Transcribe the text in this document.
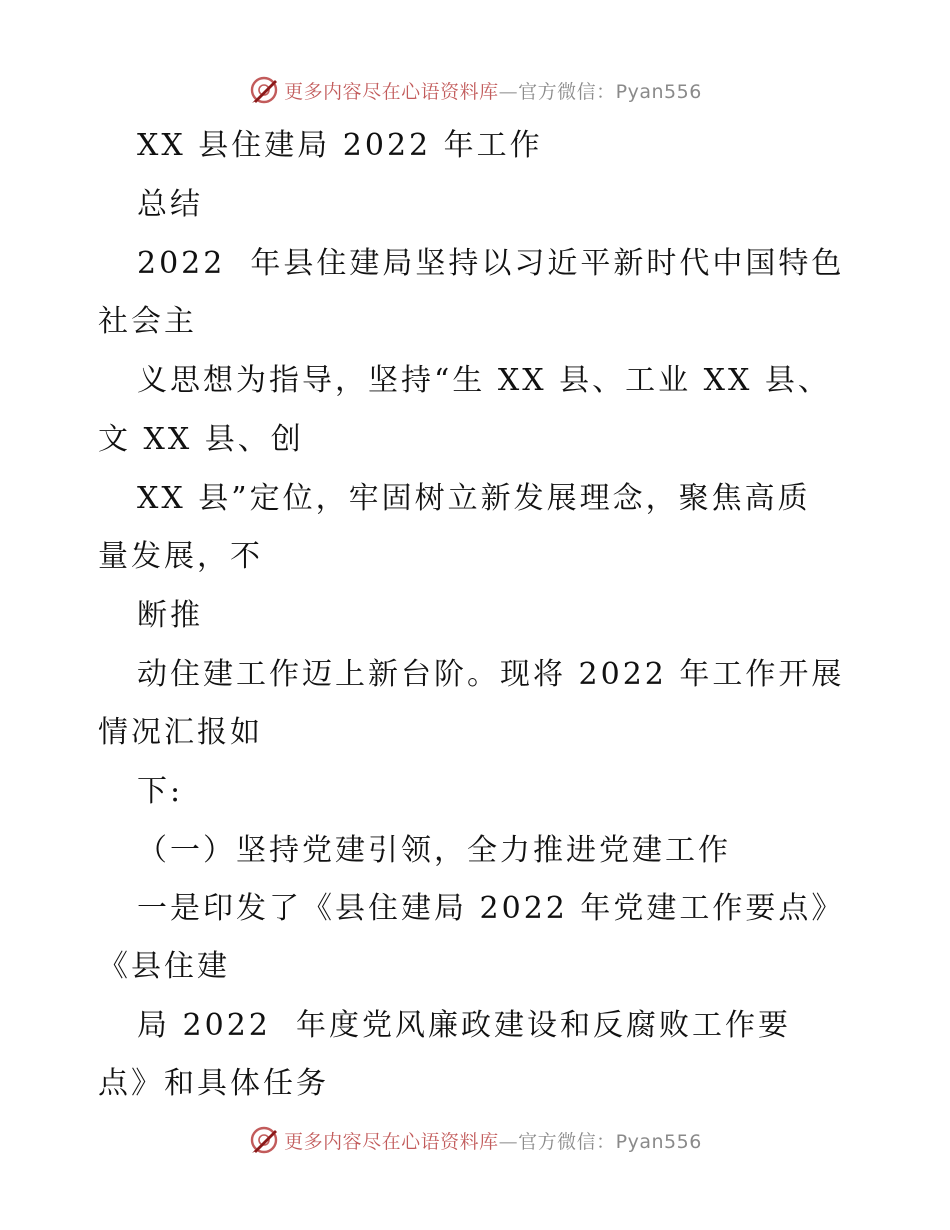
更多内容尽在心语资料库—官方微信：Pyan556

XX 县住建局 2022 年工作

总结

2022  年县住建局坚持以习近平新时代中国特色

社会主

义思想为指导，坚持“生 XX 县、工业 XX 县、

文 XX 县、创

XX 县”定位，牢固树立新发展理念，聚焦高质

量发展，不

断推

动住建工作迈上新台阶。现将 2022 年工作开展

情况汇报如

下:

（一）坚持党建引领，全力推进党建工作

一是印发了《县住建局 2022 年党建工作要点》

《县住建

局 2022  年度党风廉政建设和反腐败工作要

点》和具体任务

更多内容尽在心语资料库—官方微信：Pyan556
